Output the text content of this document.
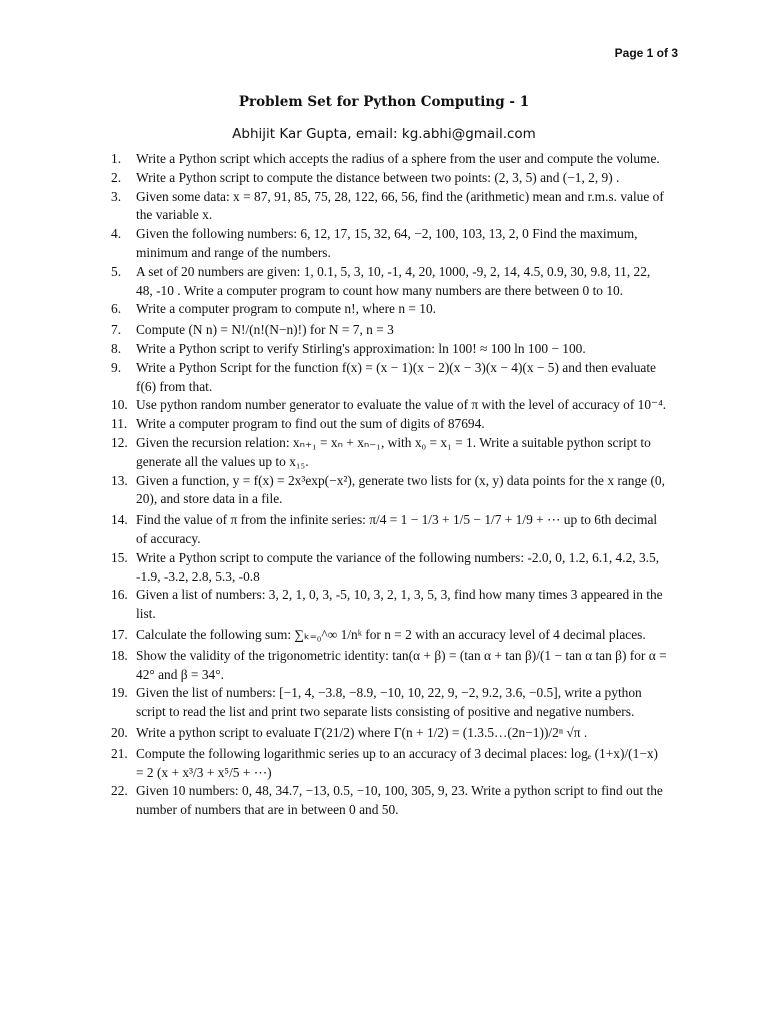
Page 1 of 3
Problem Set for Python Computing - 1
Abhijit Kar Gupta, email: kg.abhi@gmail.com
1.	Write a Python script which accepts the radius of a sphere from the user and compute the volume.
2.	Write a Python script to compute the distance between two points: (2, 3, 5) and (−1, 2, 9) .
3.	Given some data: x = 87, 91, 85, 75, 28, 122, 66, 56, find the (arithmetic) mean and r.m.s. value of the variable x.
4.	Given the following numbers: 6, 12, 17, 15, 32, 64, −2, 100, 103, 13, 2, 0 Find the maximum, minimum and range of the numbers.
5.	A set of 20 numbers are given: 1, 0.1, 5, 3, 10, -1, 4, 20, 1000, -9, 2, 14, 4.5, 0.9, 30, 9.8, 11, 22, 48, -10 . Write a computer program to count how many numbers are there between 0 to 10.
6.	Write a computer program to compute n!, where n = 10.
7.	Compute (N n) = N!/(n!(N−n)!) for N = 7, n = 3
8.	Write a Python script to verify Stirling's approximation: ln 100! ≈ 100 ln 100 − 100.
9.	Write a Python Script for the function f(x) = (x − 1)(x − 2)(x − 3)(x − 4)(x − 5) and then evaluate f(6) from that.
10. Use python random number generator to evaluate the value of π with the level of accuracy of 10⁻⁴.
11. Write a computer program to find out the sum of digits of 87694.
12. Given the recursion relation: xₙ₊₁ = xₙ + xₙ₋₁, with x₀ = x₁ = 1. Write a suitable python script to generate all the values up to x₁₅.
13. Given a function, y = f(x) = 2x³exp(−x²), generate two lists for (x, y) data points for the x range (0, 20), and store data in a file.
14. Find the value of π from the infinite series: π/4 = 1 − 1/3 + 1/5 − 1/7 + 1/9 + ⋯ up to 6th decimal of accuracy.
15. Write a Python script to compute the variance of the following numbers: -2.0, 0, 1.2, 6.1, 4.2, 3.5, -1.9, -3.2, 2.8, 5.3, -0.8
16. Given a list of numbers: 3, 2, 1, 0, 3, -5, 10, 3, 2, 1, 3, 5, 3, find how many times 3 appeared in the list.
17. Calculate the following sum: ∑ₖ₌₀^∞ 1/nᵏ for n = 2 with an accuracy level of 4 decimal places.
18. Show the validity of the trigonometric identity: tan(α + β) = (tan α + tan β)/(1 − tan α tan β) for α = 42° and β = 34°.
19. Given the list of numbers: [−1, 4, −3.8, −8.9, −10, 10, 22, 9, −2, 9.2, 3.6, −0.5], write a python script to read the list and print two separate lists consisting of positive and negative numbers.
20. Write a python script to evaluate Γ(21/2) where Γ(n + 1/2) = (1.3.5…(2n−1))/2ⁿ √π .
21. Compute the following logarithmic series up to an accuracy of 3 decimal places: logₑ (1+x)/(1−x) = 2 (x + x³/3 + x⁵/5 + ⋯)
22. Given 10 numbers: 0, 48, 34.7, −13, 0.5, −10, 100, 305, 9, 23. Write a python script to find out the number of numbers that are in between 0 and 50.
